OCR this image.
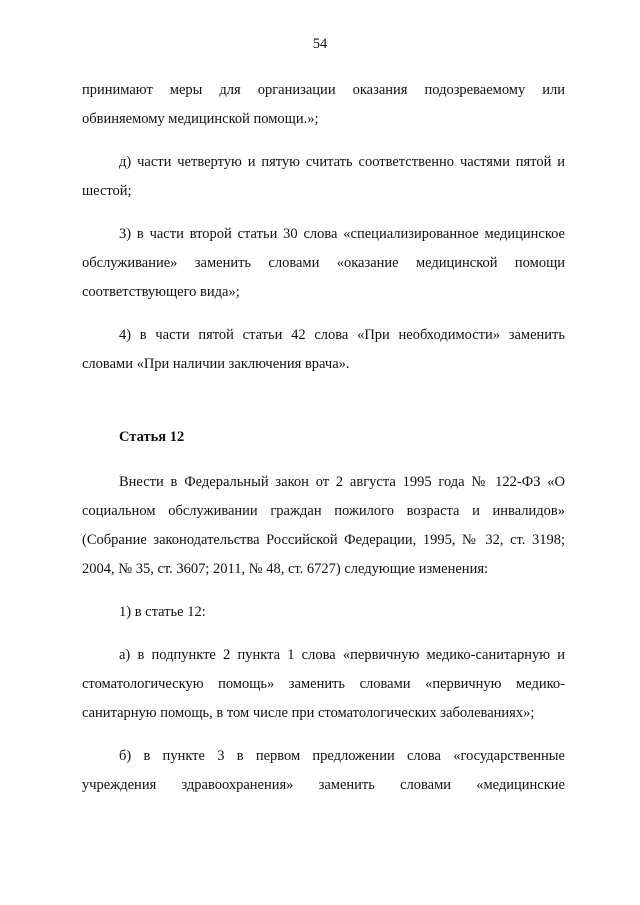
54

принимают меры для организации оказания подозреваемому или обвиняемому медицинской помощи.»;

д) части четвертую и пятую считать соответственно частями пятой и шестой;

3) в части второй статьи 30 слова «специализированное медицинское обслуживание» заменить словами «оказание медицинской помощи соответствующего вида»;

4) в части пятой статьи 42 слова «При необходимости» заменить словами «При наличии заключения врача».

Статья 12

Внести в Федеральный закон от 2 августа 1995 года № 122-ФЗ «О социальном обслуживании граждан пожилого возраста и инвалидов» (Собрание законодательства Российской Федерации, 1995, № 32, ст. 3198; 2004, № 35, ст. 3607; 2011, № 48, ст. 6727) следующие изменения:

1) в статье 12:

а) в подпункте 2 пункта 1 слова «первичную медико-санитарную и стоматологическую помощь» заменить словами «первичную медико-санитарную помощь, в том числе при стоматологических заболеваниях»;

б) в пункте 3 в первом предложении слова «государственные учреждения здравоохранения» заменить словами «медицинские
